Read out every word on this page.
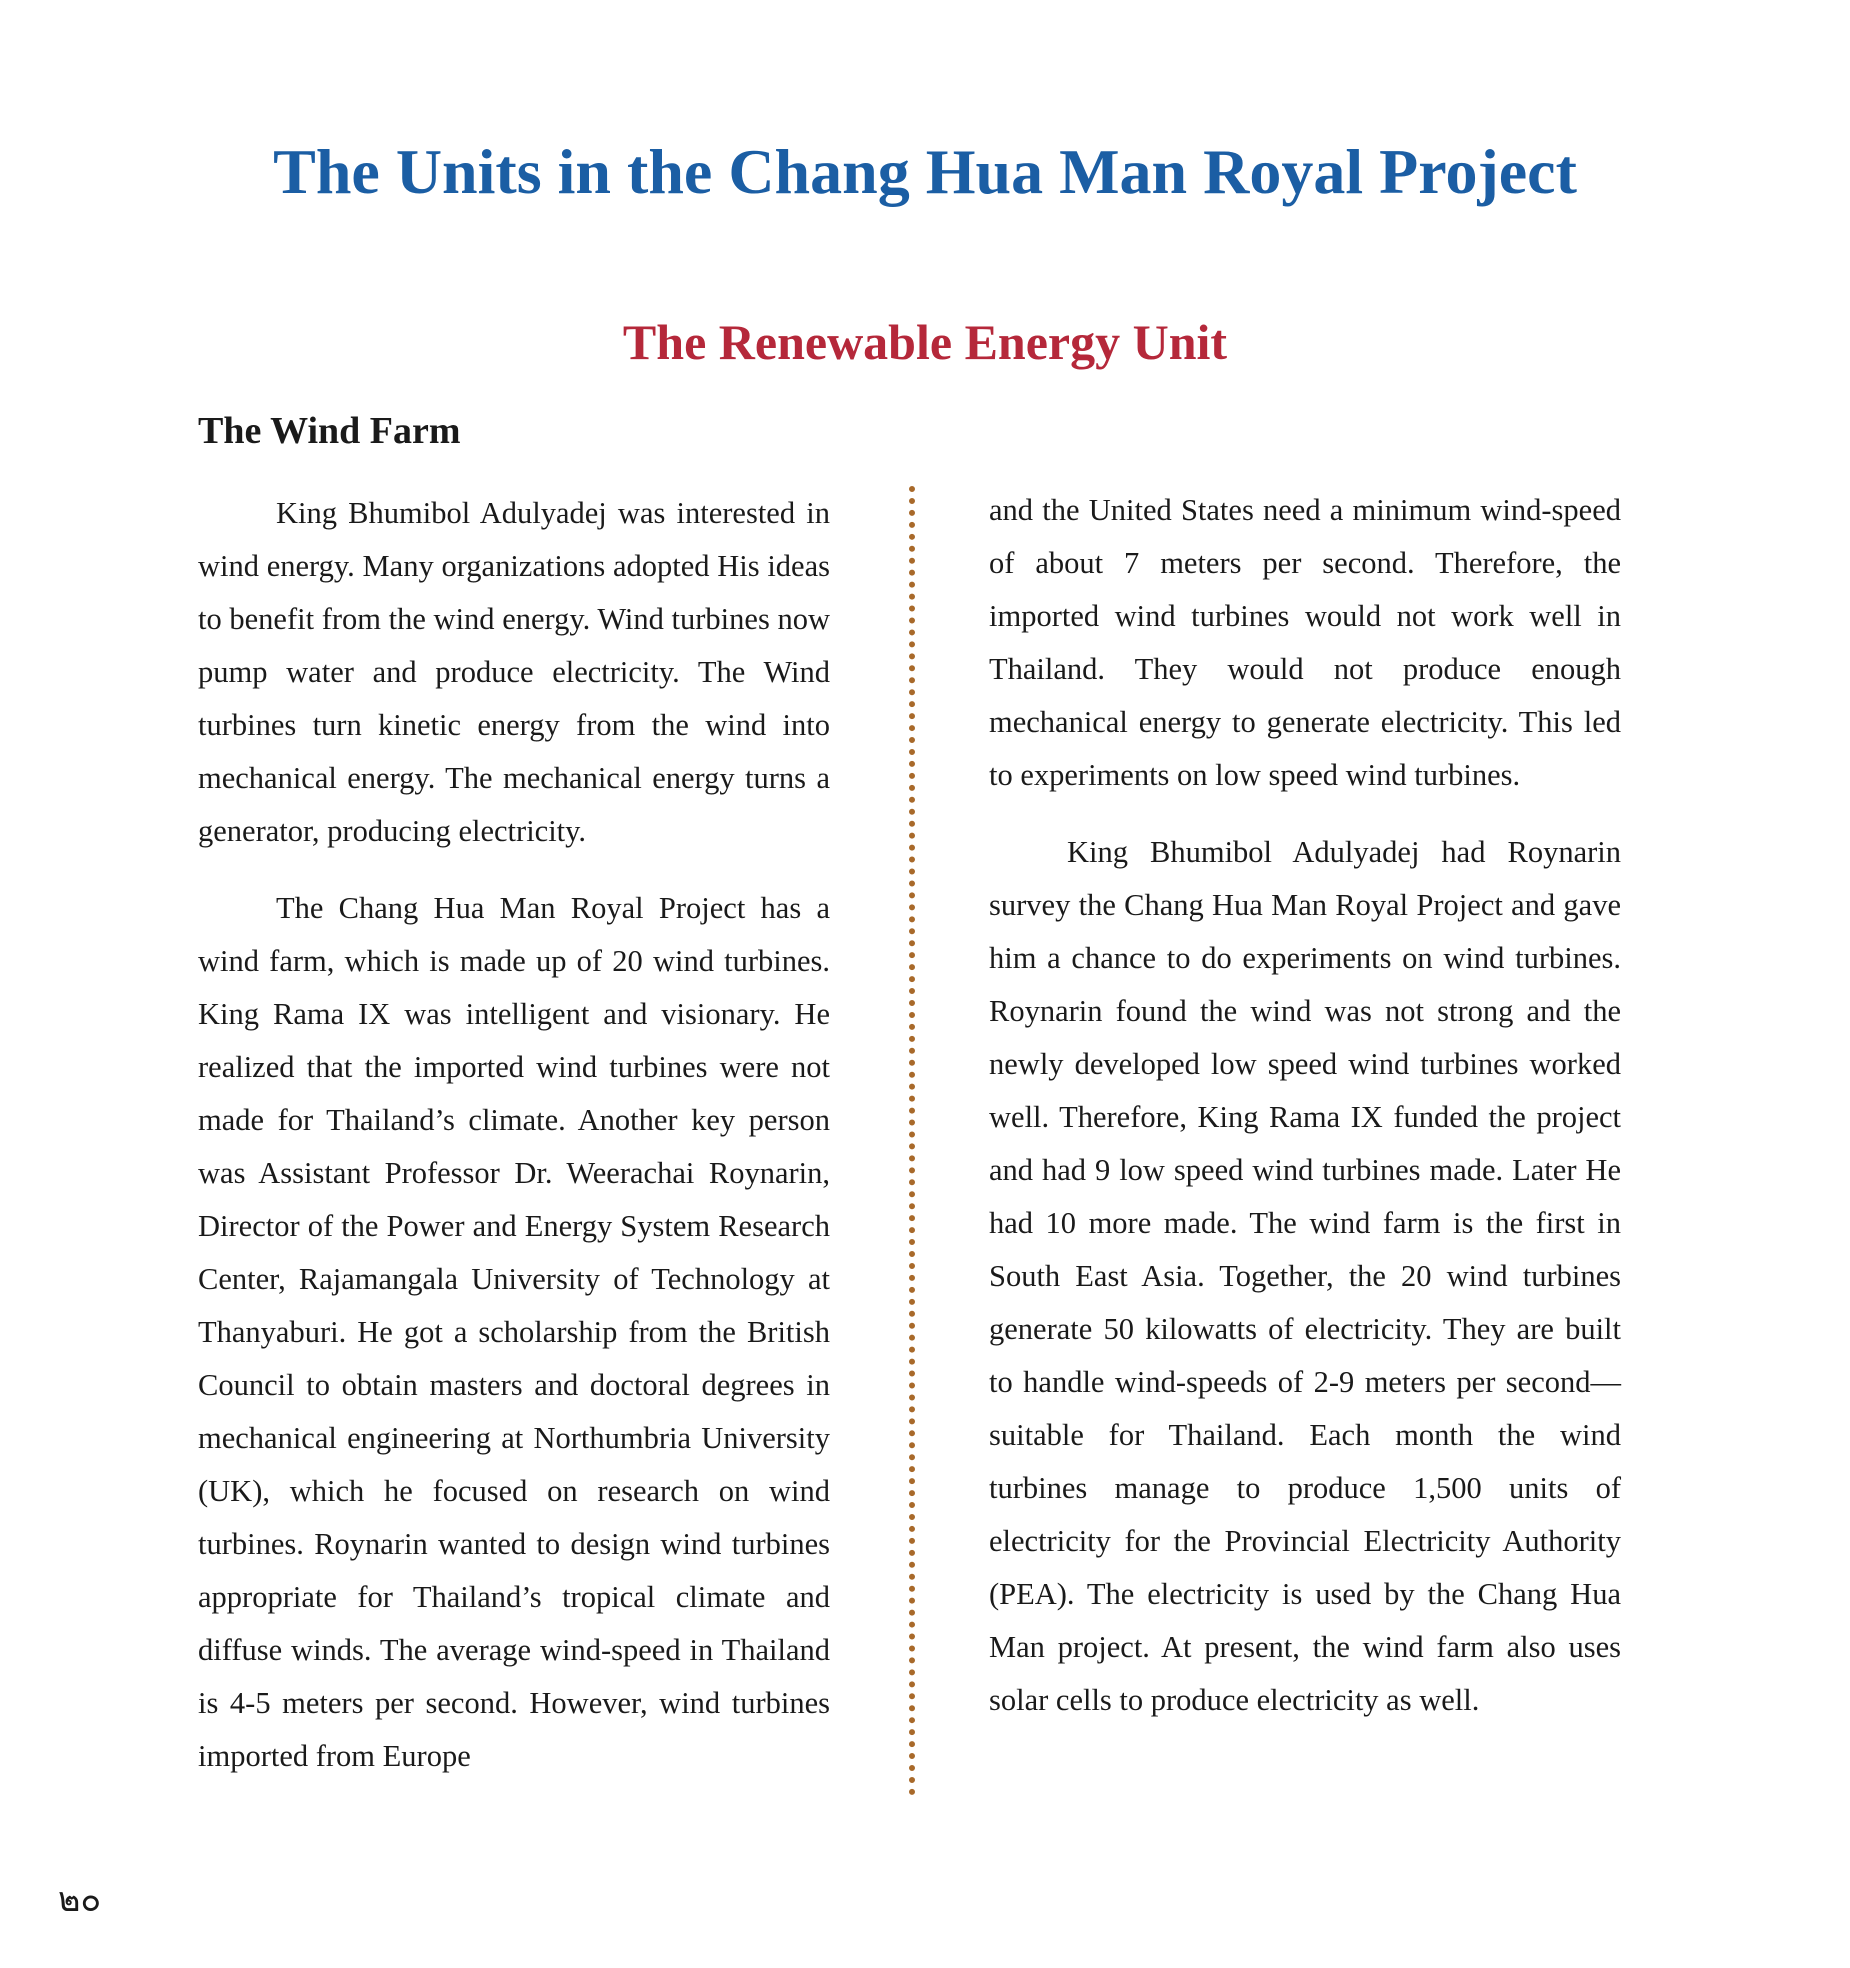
The Units in the Chang Hua Man Royal Project
The Renewable Energy Unit
The Wind Farm

King Bhumibol Adulyadej was interested in wind energy. Many organizations adopted His ideas to benefit from the wind energy. Wind turbines now pump water and produce electricity. The Wind turbines turn kinetic energy from the wind into mechanical energy. The mechanical energy turns a generator, producing electricity.

The Chang Hua Man Royal Project has a wind farm, which is made up of 20 wind turbines. King Rama IX was intelligent and visionary. He realized that the imported wind turbines were not made for Thailand’s climate. Another key person was Assistant Professor Dr. Weerachai Roynarin, Director of the Power and Energy System Research Center, Rajamangala University of Technology at Thanyaburi. He got a scholarship from the British Council to obtain masters and doctoral degrees in mechanical engineering at Northumbria University (UK), which he focused on research on wind turbines. Roynarin wanted to design wind turbines appropriate for Thailand’s tropical climate and diffuse winds. The average wind-speed in Thailand is 4-5 meters per second. However, wind turbines imported from Europe

and the United States need a minimum wind-speed of about 7 meters per second. Therefore, the imported wind turbines would not work well in Thailand. They would not produce enough mechanical energy to generate electricity. This led to experiments on low speed wind turbines.

King Bhumibol Adulyadej had Roynarin survey the Chang Hua Man Royal Project and gave him a chance to do experiments on wind turbines. Roynarin found the wind was not strong and the newly developed low speed wind turbines worked well. Therefore, King Rama IX funded the project and had 9 low speed wind turbines made. Later He had 10 more made. The wind farm is the first in South East Asia. Together, the 20 wind turbines generate 50 kilowatts of electricity. They are built to handle wind-speeds of 2-9 meters per second—suitable for Thailand. Each month the wind turbines manage to produce 1,500 units of electricity for the Provincial Electricity Authority (PEA). The electricity is used by the Chang Hua Man project. At present, the wind farm also uses solar cells to produce electricity as well.

๒๐
